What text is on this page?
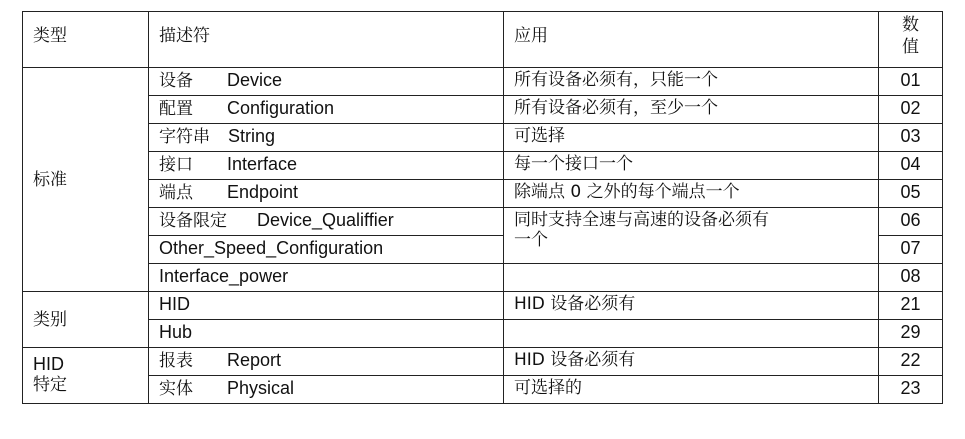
类型	描述符	应用	数
值
标准	设备 Device	所有设备必须有，只能一个	01
	配置 Configuration	所有设备必须有，至少一个	02
	字符串 String	可选择	03
	接口 Interface	每一个接口一个	04
	端点 Endpoint	除端点 0 之外的每个端点一个	05
	设备限定 Device_Qualiffier	同时支持全速与高速的设备必须有
一个	06
	Other_Speed_Configuration		07
	Interface_power		08
类别	HID	HID 设备必须有	21
	Hub		29
HID
特定	报表 Report	HID 设备必须有	22
	实体 Physical	可选择的	23
